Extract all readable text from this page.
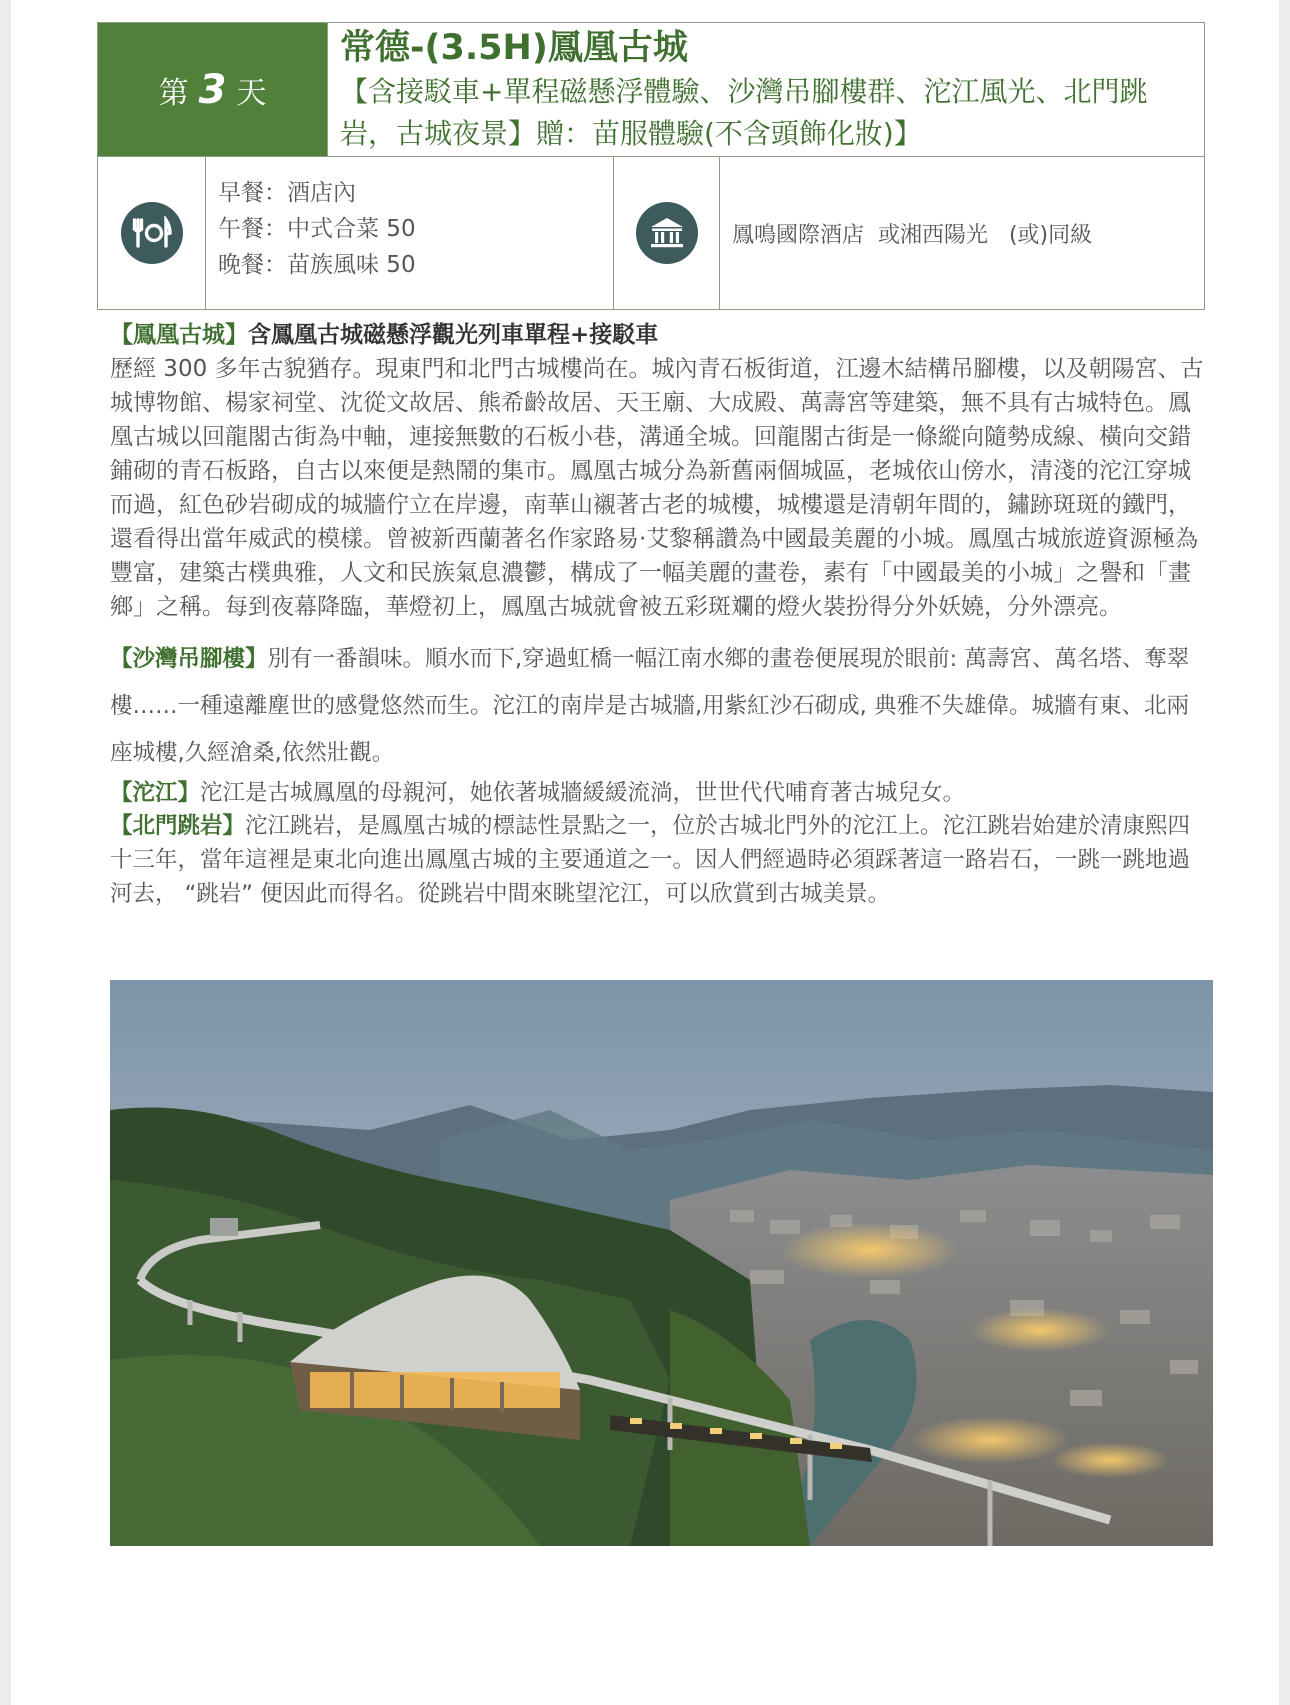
第 3 天
常德-(3.5H)鳳凰古城
【含接駁車+單程磁懸浮體驗、沙灣吊腳樓群、沱江風光、北門跳岩，古城夜景】贈：苗服體驗(不含頭飾化妝)】
早餐：酒店內
午餐：中式合菜 50
晚餐：苗族風味 50
鳳鳴國際酒店  或湘西陽光   (或)同級

【鳳凰古城】含鳳凰古城磁懸浮觀光列車單程+接駁車
歷經 300 多年古貌猶存。現東門和北門古城樓尚在。城內青石板街道，江邊木結構吊腳樓，以及朝陽宮、古城博物館、楊家祠堂、沈從文故居、熊希齡故居、天王廟、大成殿、萬壽宮等建築，無不具有古城特色。鳳凰古城以回龍閣古街為中軸，連接無數的石板小巷，溝通全城。回龍閣古街是一條縱向隨勢成線、橫向交錯鋪砌的青石板路，自古以來便是熱鬧的集市。鳳凰古城分為新舊兩個城區，老城依山傍水，清淺的沱江穿城而過，紅色砂岩砌成的城牆佇立在岸邊，南華山襯著古老的城樓，城樓還是清朝年間的，鏽跡斑斑的鐵門，還看得出當年威武的模樣。曾被新西蘭著名作家路易·艾黎稱讚為中國最美麗的小城。鳳凰古城旅遊資源極為豐富，建築古樸典雅，人文和民族氣息濃鬱，構成了一幅美麗的畫卷，素有「中國最美的小城」之譽和「畫鄉」之稱。每到夜幕降臨，華燈初上，鳳凰古城就會被五彩斑斕的燈火裝扮得分外妖嬈，分外漂亮。

【沙灣吊腳樓】別有一番韻味。順水而下,穿過虹橋一幅江南水鄉的畫卷便展現於眼前: 萬壽宮、萬名塔、奪翠樓……一種遠離塵世的感覺悠然而生。沱江的南岸是古城牆,用紫紅沙石砌成, 典雅不失雄偉。城牆有東、北兩座城樓,久經滄桑,依然壯觀。

【沱江】沱江是古城鳳凰的母親河，她依著城牆緩緩流淌，世世代代哺育著古城兒女。

【北門跳岩】沱江跳岩，是鳳凰古城的標誌性景點之一，位於古城北門外的沱江上。沱江跳岩始建於清康熙四十三年，當年這裡是東北向進出鳳凰古城的主要通道之一。因人們經過時必須踩著這一路岩石，一跳一跳地過河去， “跳岩” 便因此而得名。從跳岩中間來眺望沱江，可以欣賞到古城美景。
